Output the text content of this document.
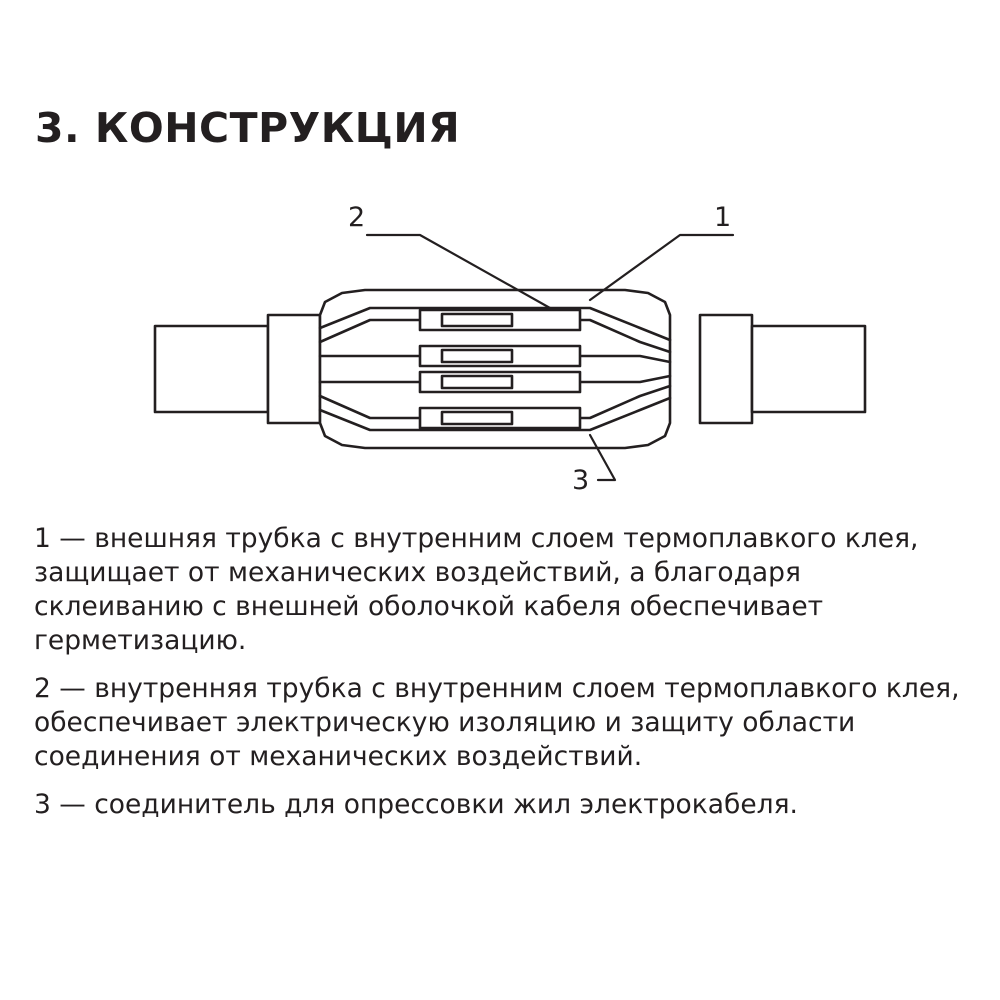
3. КОНСТРУКЦИЯ
2	1
3

1 — внешняя трубка с внутренним слоем термоплавкого клея, защищает от механических воздействий, а благодаря склеиванию с внешней оболочкой кабеля обеспечивает герметизацию.

2 — внутренняя трубка с внутренним слоем термоплавкого клея, обеспечивает электрическую изоляцию и защиту области соединения от механических воздействий.

3 — соединитель для опрессовки жил электрокабеля.
